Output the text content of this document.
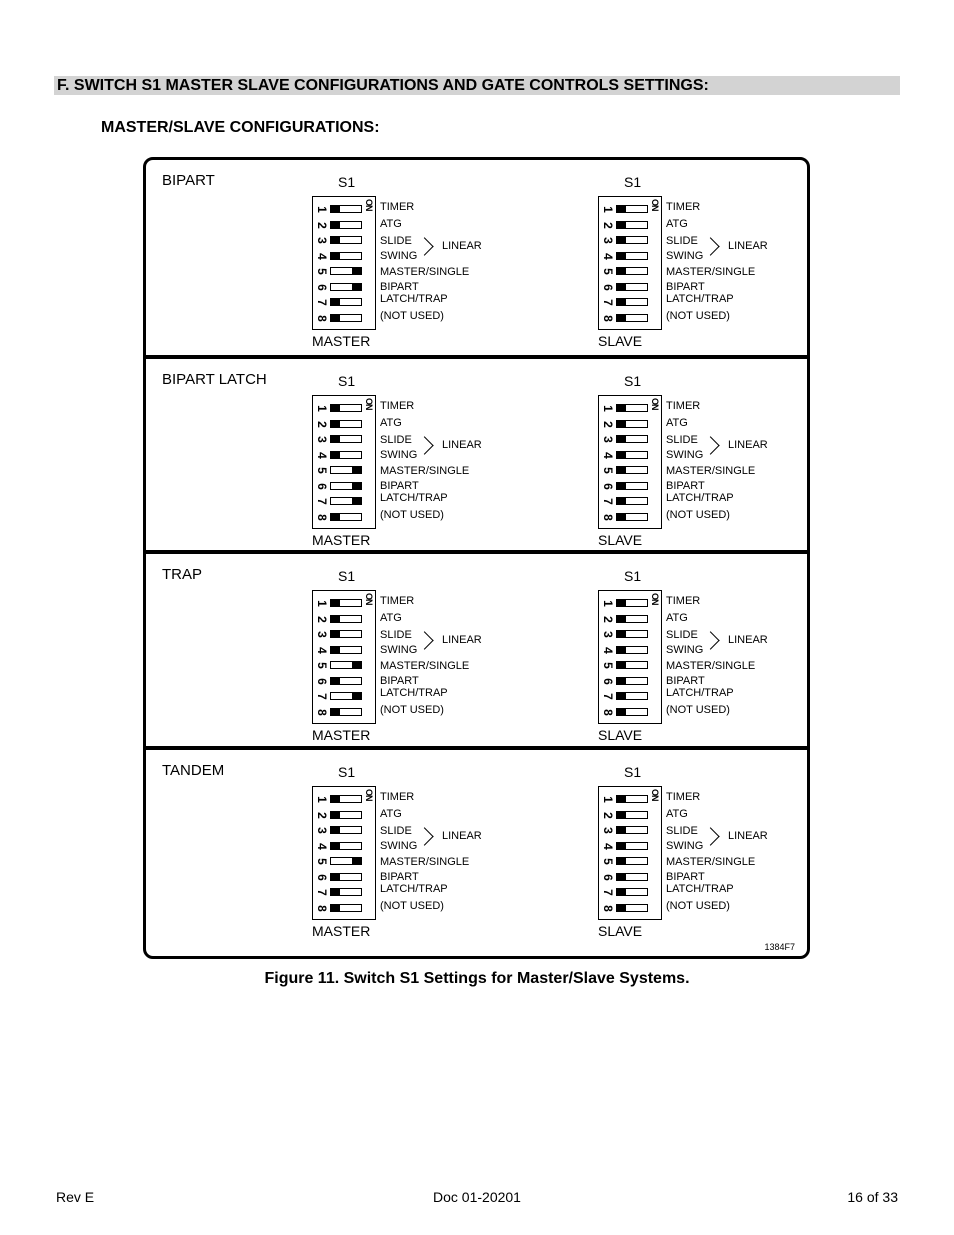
F. SWITCH S1 MASTER SLAVE CONFIGURATIONS AND GATE CONTROLS SETTINGS:
MASTER/SLAVE CONFIGURATIONS:
BIPART	S1
ON
1
2
3
4
5
6
7
8
TIMER
ATG
SLIDE
SWING
MASTER/SINGLE
BIPART
LATCH/TRAP
(NOT USED)
LINEAR
MASTER
S1
ON
1
2
3
4
5
6
7
8
TIMER
ATG
SLIDE
SWING
MASTER/SINGLE
BIPART
LATCH/TRAP
(NOT USED)
LINEAR
SLAVE
BIPART LATCH	S1
ON
1
2
3
4
5
6
7
8
TIMER
ATG
SLIDE
SWING
MASTER/SINGLE
BIPART
LATCH/TRAP
(NOT USED)
LINEAR
MASTER
S1
ON
1
2
3
4
5
6
7
8
TIMER
ATG
SLIDE
SWING
MASTER/SINGLE
BIPART
LATCH/TRAP
(NOT USED)
LINEAR
SLAVE
TRAP	S1
ON
1
2
3
4
5
6
7
8
TIMER
ATG
SLIDE
SWING
MASTER/SINGLE
BIPART
LATCH/TRAP
(NOT USED)
LINEAR
MASTER
S1
ON
1
2
3
4
5
6
7
8
TIMER
ATG
SLIDE
SWING
MASTER/SINGLE
BIPART
LATCH/TRAP
(NOT USED)
LINEAR
SLAVE
TANDEM	S1
ON
1
2
3
4
5
6
7
8
TIMER
ATG
SLIDE
SWING
MASTER/SINGLE
BIPART
LATCH/TRAP
(NOT USED)
LINEAR
MASTER
S1
ON
1
2
3
4
5
6
7
8
TIMER
ATG
SLIDE
SWING
MASTER/SINGLE
BIPART
LATCH/TRAP
(NOT USED)
LINEAR
SLAVE
1384F7
Figure 11. Switch S1 Settings for Master/Slave Systems.
Rev E	Doc 01-20201	16 of 33
